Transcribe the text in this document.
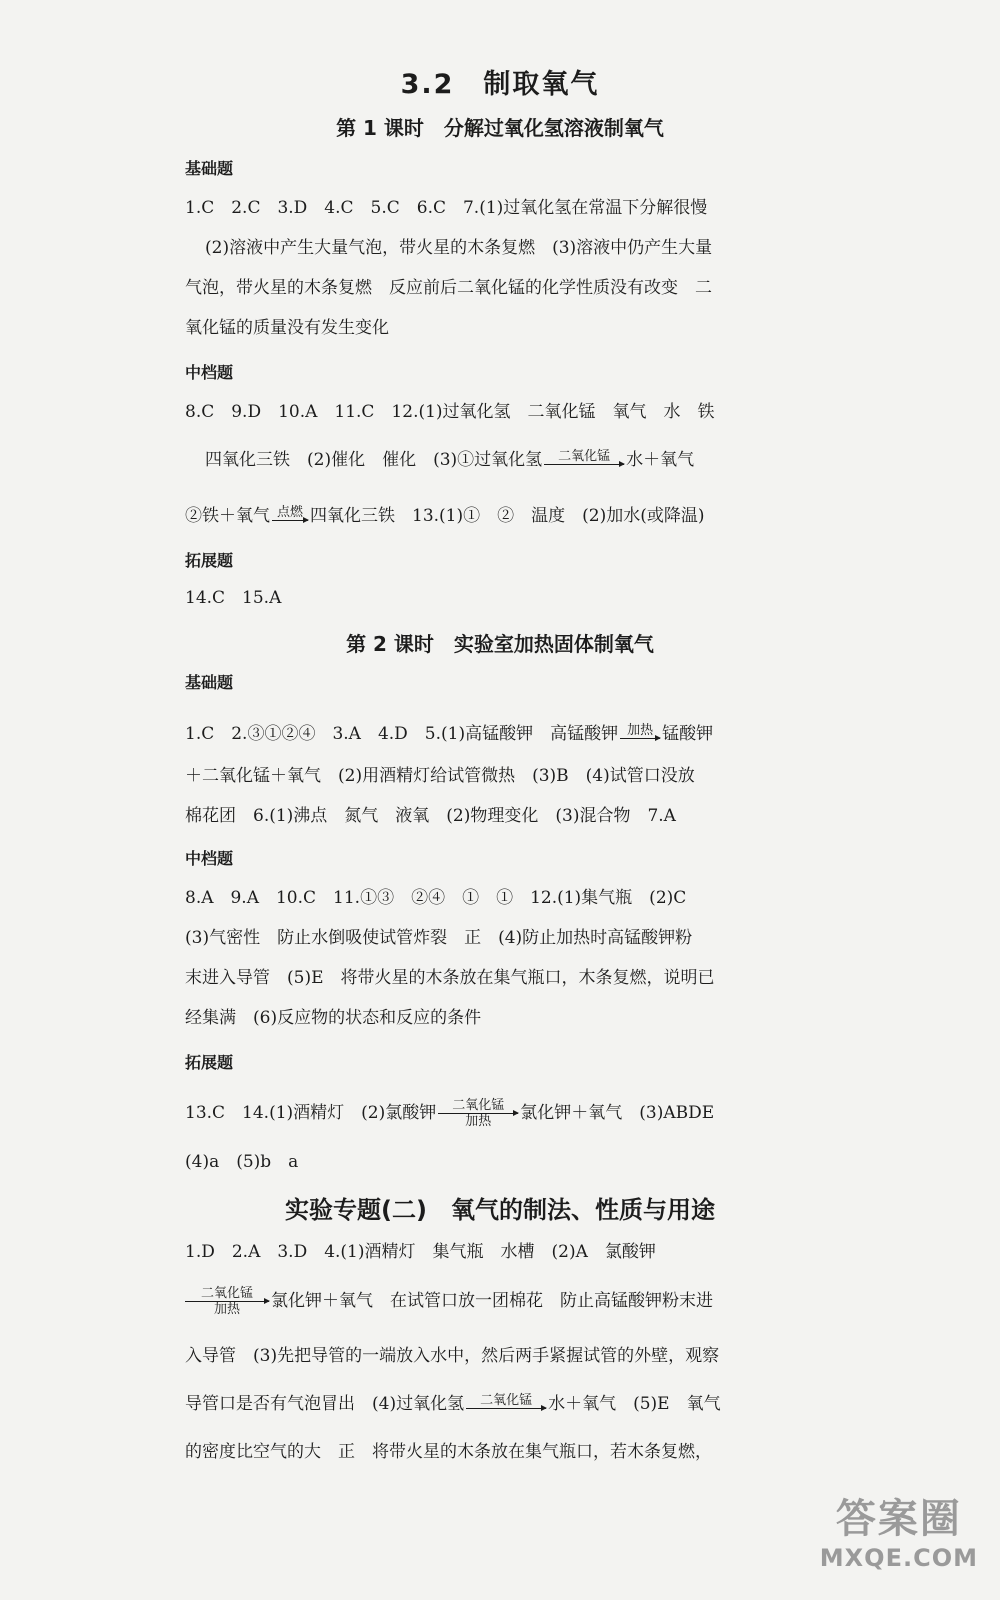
3.2　制取氧气
第 1 课时　分解过氧化氢溶液制氧气
基础题
1.C　2.C　3.D　4.C　5.C　6.C　7.(1)过氧化氢在常温下分解很慢
(2)溶液中产生大量气泡，带火星的木条复燃　(3)溶液中仍产生大量
气泡，带火星的木条复燃　反应前后二氧化锰的化学性质没有改变　二
氧化锰的质量没有发生变化
中档题
8.C　9.D　10.A　11.C　12.(1)过氧化氢　二氧化锰　氧气　水　铁
四氧化三铁　(2)催化　催化　(3)①过氧化氢 二氧化锰 水＋氧气
②铁＋氧气 点燃 四氧化三铁　13.(1)①　②　温度　(2)加水(或降温)
拓展题
14.C　15.A
第 2 课时　实验室加热固体制氧气
基础题
1.C　2.③①②④　3.A　4.D　5.(1)高锰酸钾　高锰酸钾 加热 锰酸钾
＋二氧化锰＋氧气　(2)用酒精灯给试管微热　(3)B　(4)试管口没放
棉花团　6.(1)沸点　氮气　液氧　(2)物理变化　(3)混合物　7.A
中档题
8.A　9.A　10.C　11.①③　②④　①　①　12.(1)集气瓶　(2)C
(3)气密性　防止水倒吸使试管炸裂　正　(4)防止加热时高锰酸钾粉
末进入导管　(5)E　将带火星的木条放在集气瓶口，木条复燃，说明已
经集满　(6)反应物的状态和反应的条件
拓展题
13.C　14.(1)酒精灯　(2)氯酸钾 二氧化锰
加热 氯化钾＋氧气　(3)ABDE
(4)a　(5)b　a
实验专题(二)　氧气的制法、性质与用途
1.D　2.A　3.D　4.(1)酒精灯　集气瓶　水槽　(2)A　氯酸钾
二氧化锰
加热 氯化钾＋氧气　在试管口放一团棉花　防止高锰酸钾粉末进
入导管　(3)先把导管的一端放入水中，然后两手紧握试管的外壁，观察
导管口是否有气泡冒出　(4)过氧化氢 二氧化锰 水＋氧气　(5)E　氧气
的密度比空气的大　正　将带火星的木条放在集气瓶口，若木条复燃，
答案圈
MXQE.COM
